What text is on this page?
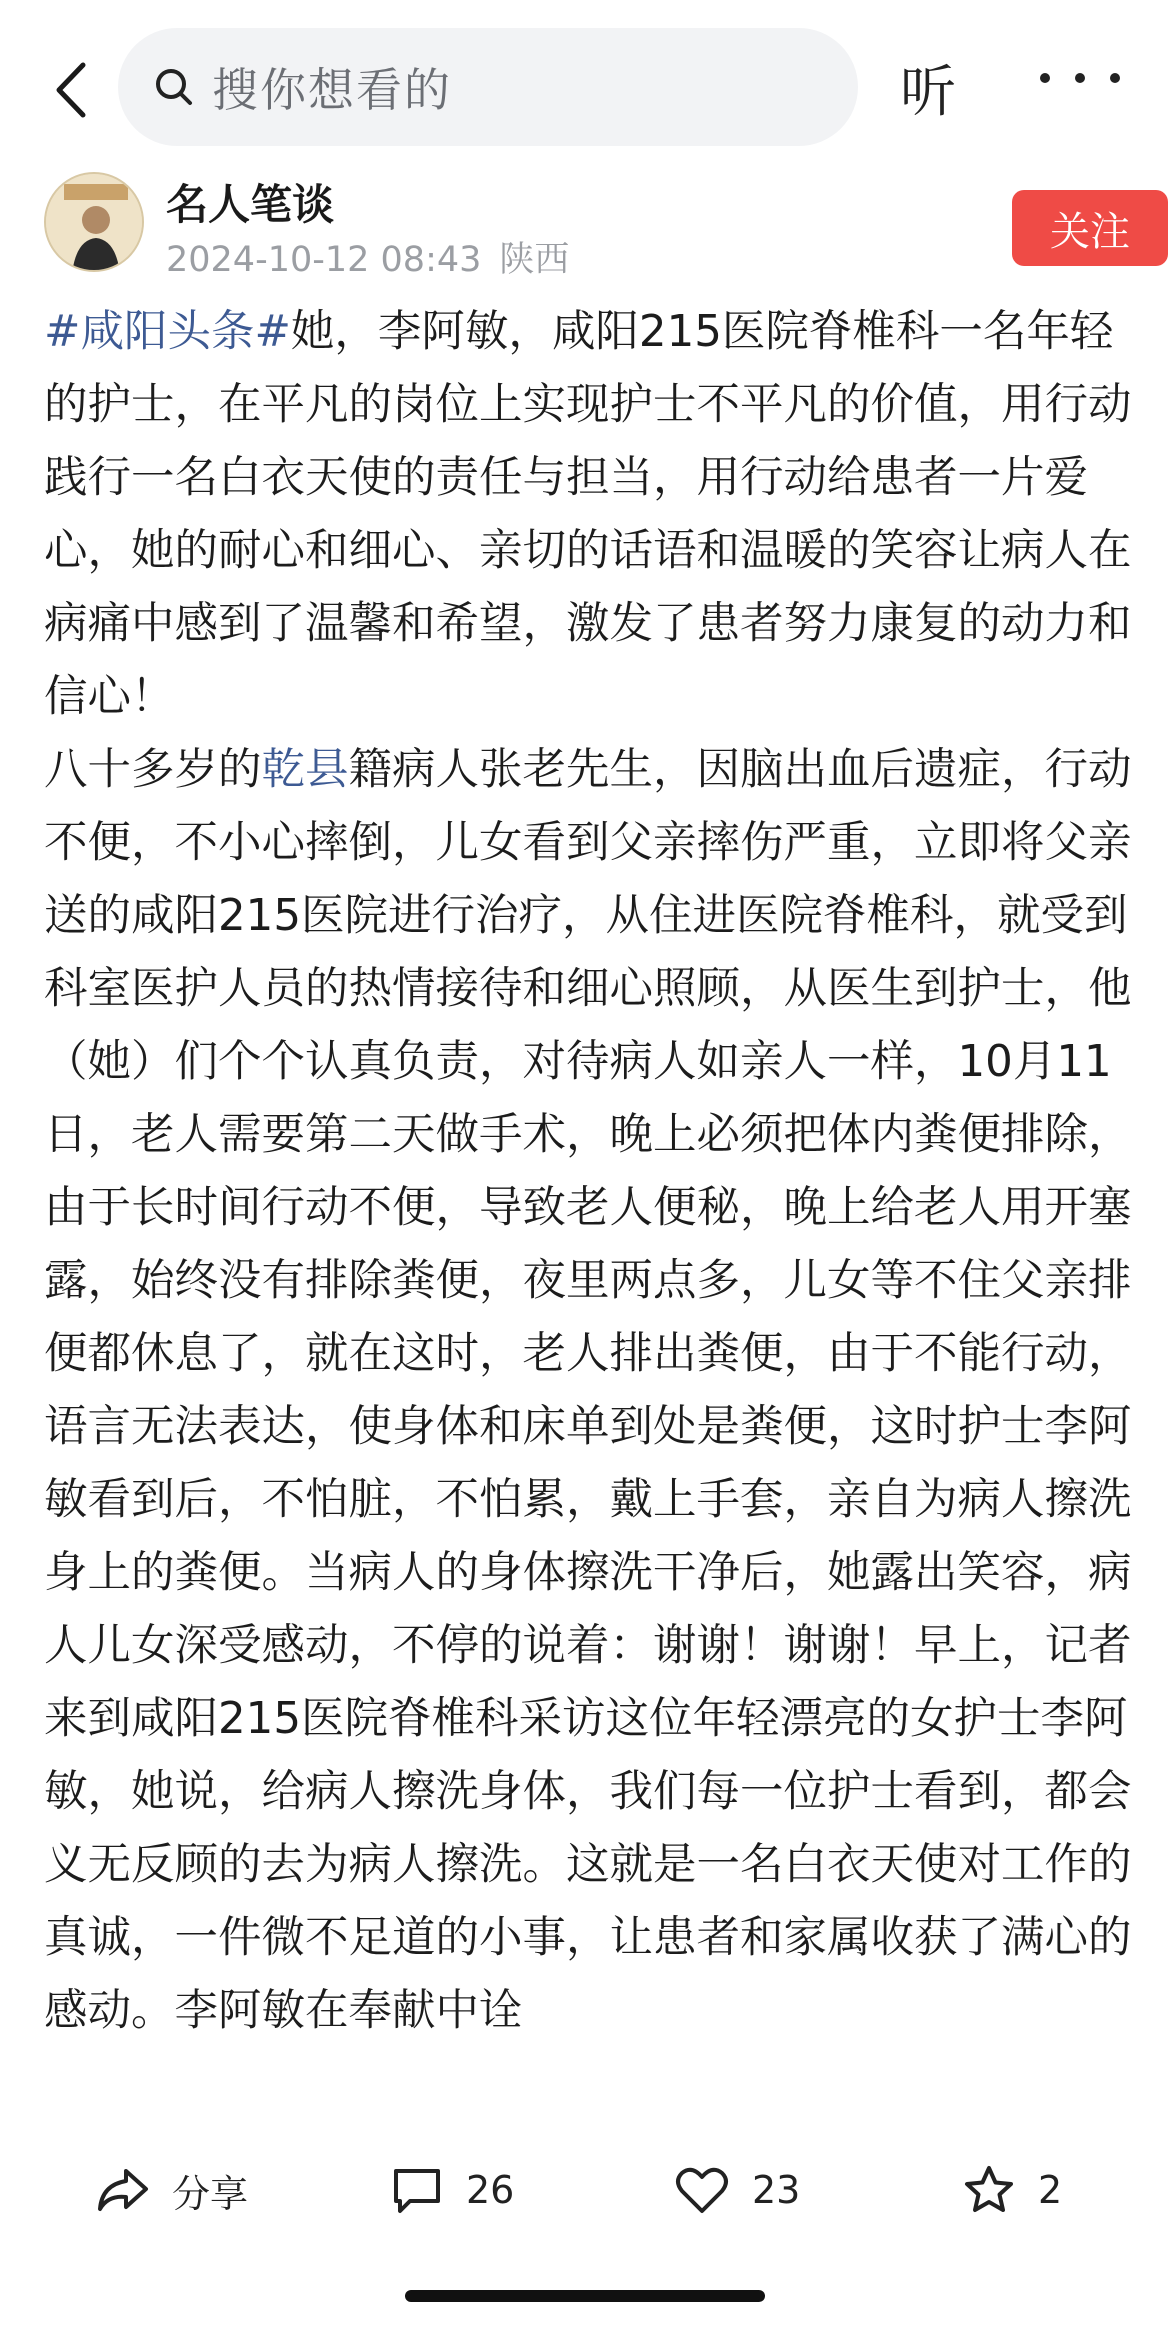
搜你想看的	听
名人笔谈
2024-10-12 08:43 陕西
关注

#咸阳头条#她，李阿敏，咸阳215医院脊椎科一名年轻的护士，在平凡的岗位上实现护士不平凡的价值，用行动践行一名白衣天使的责任与担当，用行动给患者一片爱心，她的耐心和细心、亲切的话语和温暖的笑容让病人在病痛中感到了温馨和希望，激发了患者努力康复的动力和信心！

八十多岁的乾县籍病人张老先生，因脑出血后遗症，行动不便，不小心摔倒，儿女看到父亲摔伤严重，立即将父亲送的咸阳215医院进行治疗，从住进医院脊椎科，就受到科室医护人员的热情接待和细心照顾，从医生到护士，他（她）们个个认真负责，对待病人如亲人一样，10月11日，老人需要第二天做手术，晚上必须把体内粪便排除，由于长时间行动不便，导致老人便秘，晚上给老人用开塞露，始终没有排除粪便，夜里两点多，儿女等不住父亲排便都休息了，就在这时，老人排出粪便，由于不能行动，语言无法表达，使身体和床单到处是粪便，这时护士李阿敏看到后，不怕脏，不怕累，戴上手套，亲自为病人擦洗身上的粪便。当病人的身体擦洗干净后，她露出笑容，病人儿女深受感动，不停的说着：谢谢！谢谢！早上，记者来到咸阳215医院脊椎科采访这位年轻漂亮的女护士李阿敏，她说，给病人擦洗身体，我们每一位护士看到，都会义无反顾的去为病人擦洗。这就是一名白衣天使对工作的真诚，一件微不足道的小事，让患者和家属收获了满心的感动。李阿敏在奉献中诠

分享	26	23	2
